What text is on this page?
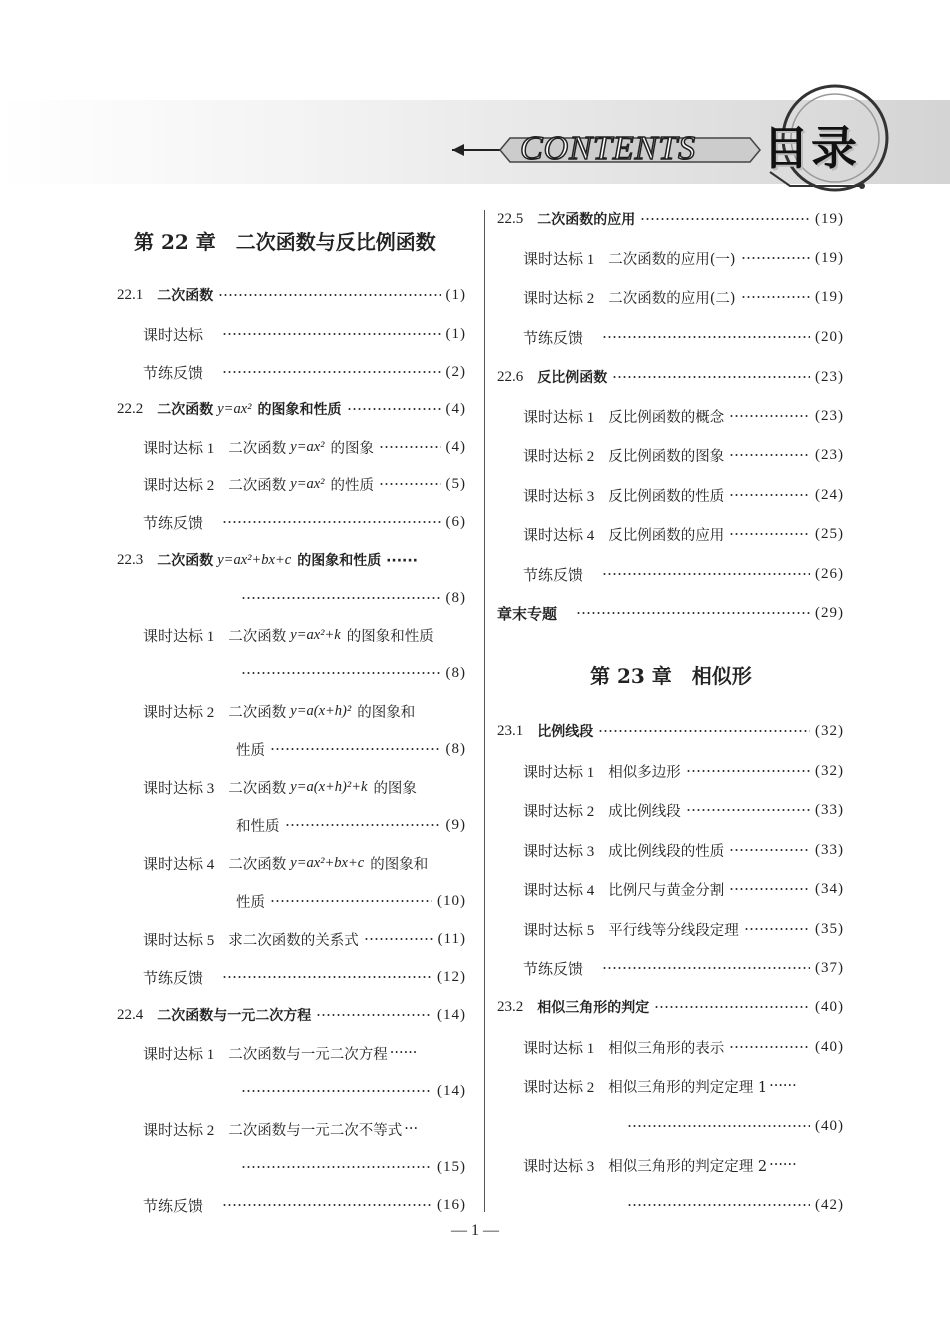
CONTENTS 目录
第 22 章　二次函数与反比例函数
22.1 二次函数	(1)
课时达标	(1)
节练反馈	(2)
22.2 二次函数 y=ax² 的图象和性质	(4)
课时达标 1 二次函数 y=ax² 的图象	(4)
课时达标 2 二次函数 y=ax² 的性质	(5)
节练反馈	(6)
22.3 二次函数 y=ax²+bx+c 的图象和性质 ······
(8)
课时达标 1 二次函数 y=ax²+k 的图象和性质
(8)
课时达标 2 二次函数 y=a(x+h)² 的图象和
性质	(8)
课时达标 3 二次函数 y=a(x+h)²+k 的图象
和性质	(9)
课时达标 4 二次函数 y=ax²+bx+c 的图象和
性质	(10)
课时达标 5 求二次函数的关系式	(11)
节练反馈	(12)
22.4 二次函数与一元二次方程	(14)
课时达标 1 二次函数与一元二次方程 ······
(14)
课时达标 2 二次函数与一元二次不等式 ···
(15)
节练反馈	(16)
22.5 二次函数的应用	(19)
课时达标 1 二次函数的应用(一)	(19)
课时达标 2 二次函数的应用(二)	(19)
节练反馈	(20)
22.6 反比例函数	(23)
课时达标 1 反比例函数的概念	(23)
课时达标 2 反比例函数的图象	(23)
课时达标 3 反比例函数的性质	(24)
课时达标 4 反比例函数的应用	(25)
节练反馈	(26)
章末专题	(29)
第 23 章　相似形
23.1 比例线段	(32)
课时达标 1 相似多边形	(32)
课时达标 2 成比例线段	(33)
课时达标 3 成比例线段的性质	(33)
课时达标 4 比例尺与黄金分割	(34)
课时达标 5 平行线等分线段定理	(35)
节练反馈	(37)
23.2 相似三角形的判定	(40)
课时达标 1 相似三角形的表示	(40)
课时达标 2 相似三角形的判定定理 1 ······
(40)
课时达标 3 相似三角形的判定定理 2 ······
(42)
— 1 —
